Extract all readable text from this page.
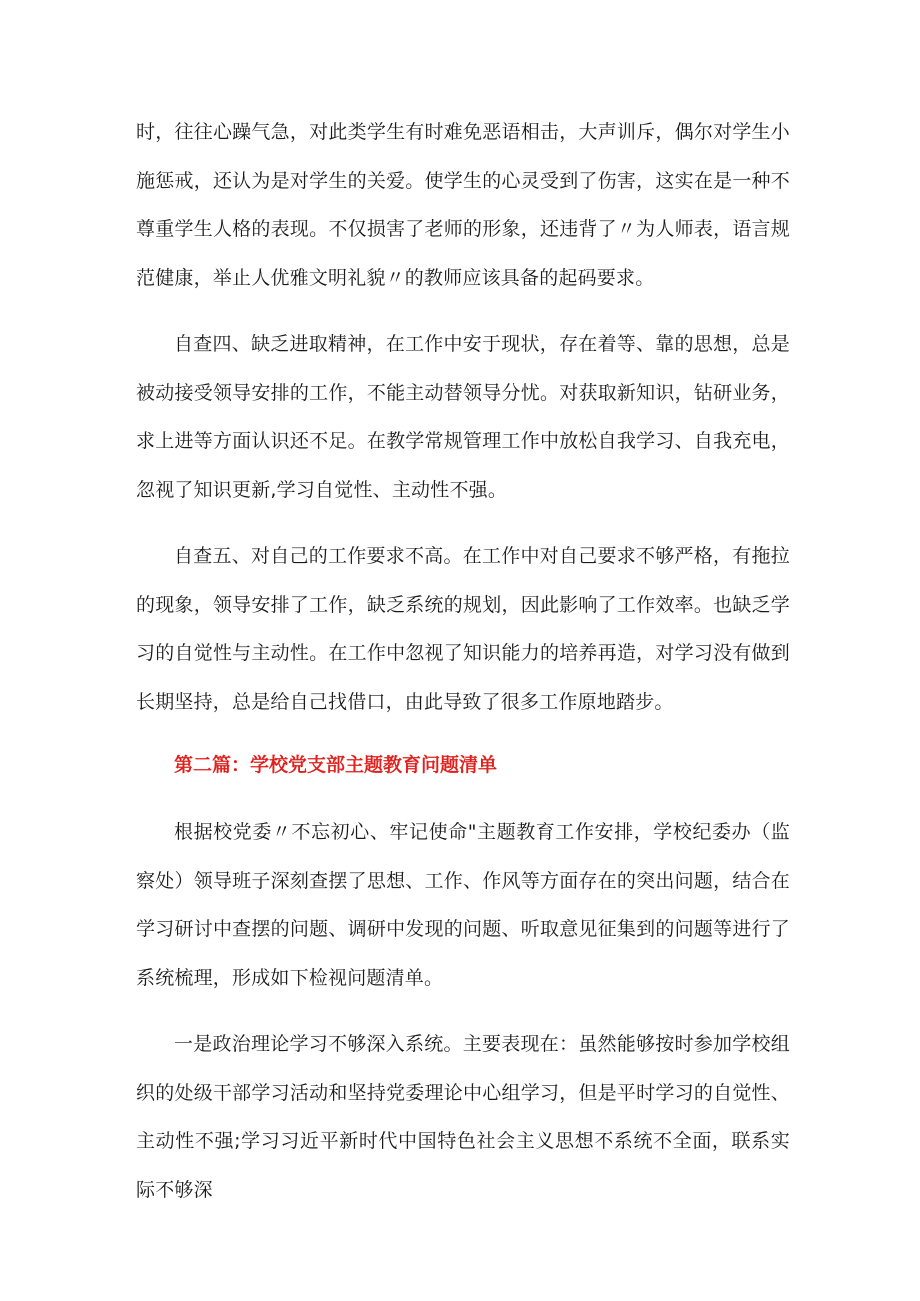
时，往往心躁气急，对此类学生有时难免恶语相击，大声训斥，偶尔对学生小施惩戒，还认为是对学生的关爱。使学生的心灵受到了伤害，这实在是一种不尊重学生人格的表现。不仅损害了老师的形象，还违背了〃为人师表，语言规范健康，举止人优雅文明礼貌〃的教师应该具备的起码要求。

自查四、缺乏进取精神，在工作中安于现状，存在着等、靠的思想，总是被动接受领导安排的工作，不能主动替领导分忧。对获取新知识，钻研业务，求上进等方面认识还不足。在教学常规管理工作中放松自我学习、自我充电，忽视了知识更新,学习自觉性、主动性不强。

自查五、对自己的工作要求不高。在工作中对自己要求不够严格，有拖拉的现象，领导安排了工作，缺乏系统的规划，因此影响了工作效率。也缺乏学习的自觉性与主动性。在工作中忽视了知识能力的培养再造，对学习没有做到长期坚持，总是给自己找借口，由此导致了很多工作原地踏步。

第二篇：学校党支部主题教育问题清单

根据校党委〃不忘初心、牢记使命"主题教育工作安排，学校纪委办（监察处）领导班子深刻查摆了思想、工作、作风等方面存在的突出问题，结合在学习研讨中查摆的问题、调研中发现的问题、听取意见征集到的问题等进行了系统梳理，形成如下检视问题清单。

一是政治理论学习不够深入系统。主要表现在：虽然能够按时参加学校组织的处级干部学习活动和坚持党委理论中心组学习，但是平时学习的自觉性、主动性不强;学习习近平新时代中国特色社会主义思想不系统不全面，联系实际不够深
